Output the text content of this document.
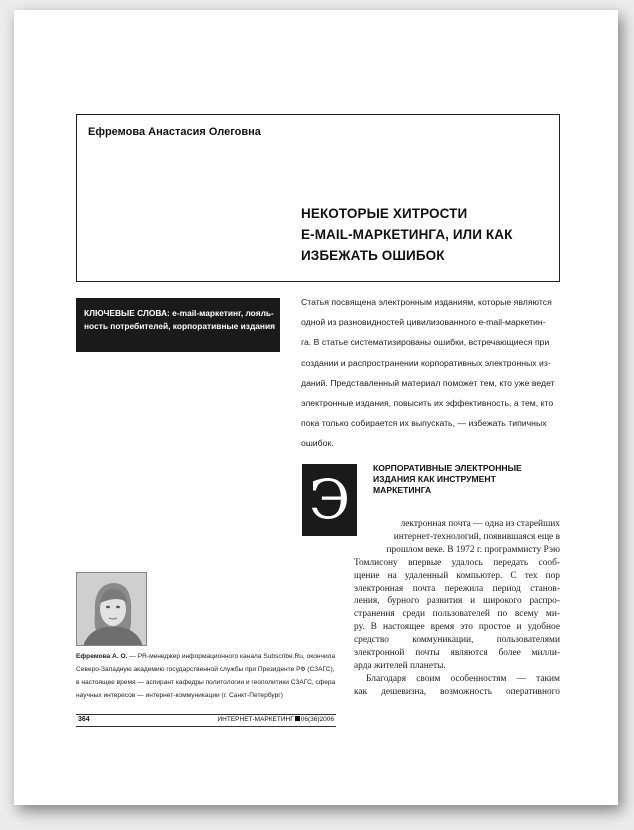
Ефремова Анастасия Олеговна
НЕКОТОРЫЕ ХИТРОСТИ
E-MAIL-МАРКЕТИНГА, ИЛИ КАК
ИЗБЕЖАТЬ ОШИБОК
КЛЮЧЕВЫЕ СЛОВА: e-mail-маркетинг, лояль-
ность потребителей, корпоративные издания
Статья посвящена электронным изданиям, которые являются
одной из разновидностей цивилизованного e-mail-маркетин-
га. В статье систематизированы ошибки, встречающиеся при
создании и распространении корпоративных электронных из-
даний. Представленный материал поможет тем, кто уже ведет
электронные издания, повысить их эффективность, а тем, кто
пока только собирается их выпускать, — избежать типичных
ошибок.
Э	КОРПОРАТИВНЫЕ ЭЛЕКТРОННЫЕ
ИЗДАНИЯ КАК ИНСТРУМЕНТ
МАРКЕТИНГА
лектронная почта — одна из старейших
интернет-технологий, появившаяся еще в
прошлом веке. В 1972 г. программисту Рэю
Томлисону впервые удалось передать сооб-
щение на удаленный компьютер. С тех пор
электронная почта пережила период станов-
ления, бурного развития и широкого распро-
странения среди пользователей по всему ми-
ру. В настоящее время это простое и удобное
средство коммуникации, пользователями
электронной почты являются более милли-
арда жителей планеты.
Благодаря своим особенностям — таким
как дешевизна, возможность оперативного
Ефремова А. О. — PR-менеджер информационного канала Subscribe.Ru, окончила
Северо-Западную академию государственной службы при Президенте РФ (СЗАГС),
в настоящее время — аспирант кафедры политологии и геополитики СЗАГС, сфера
научных интересов — интернет-коммуникации (г. Санкт-Петербург)
364	ИНТЕРНЕТ-МАРКЕТИНГ 06(36)2006
